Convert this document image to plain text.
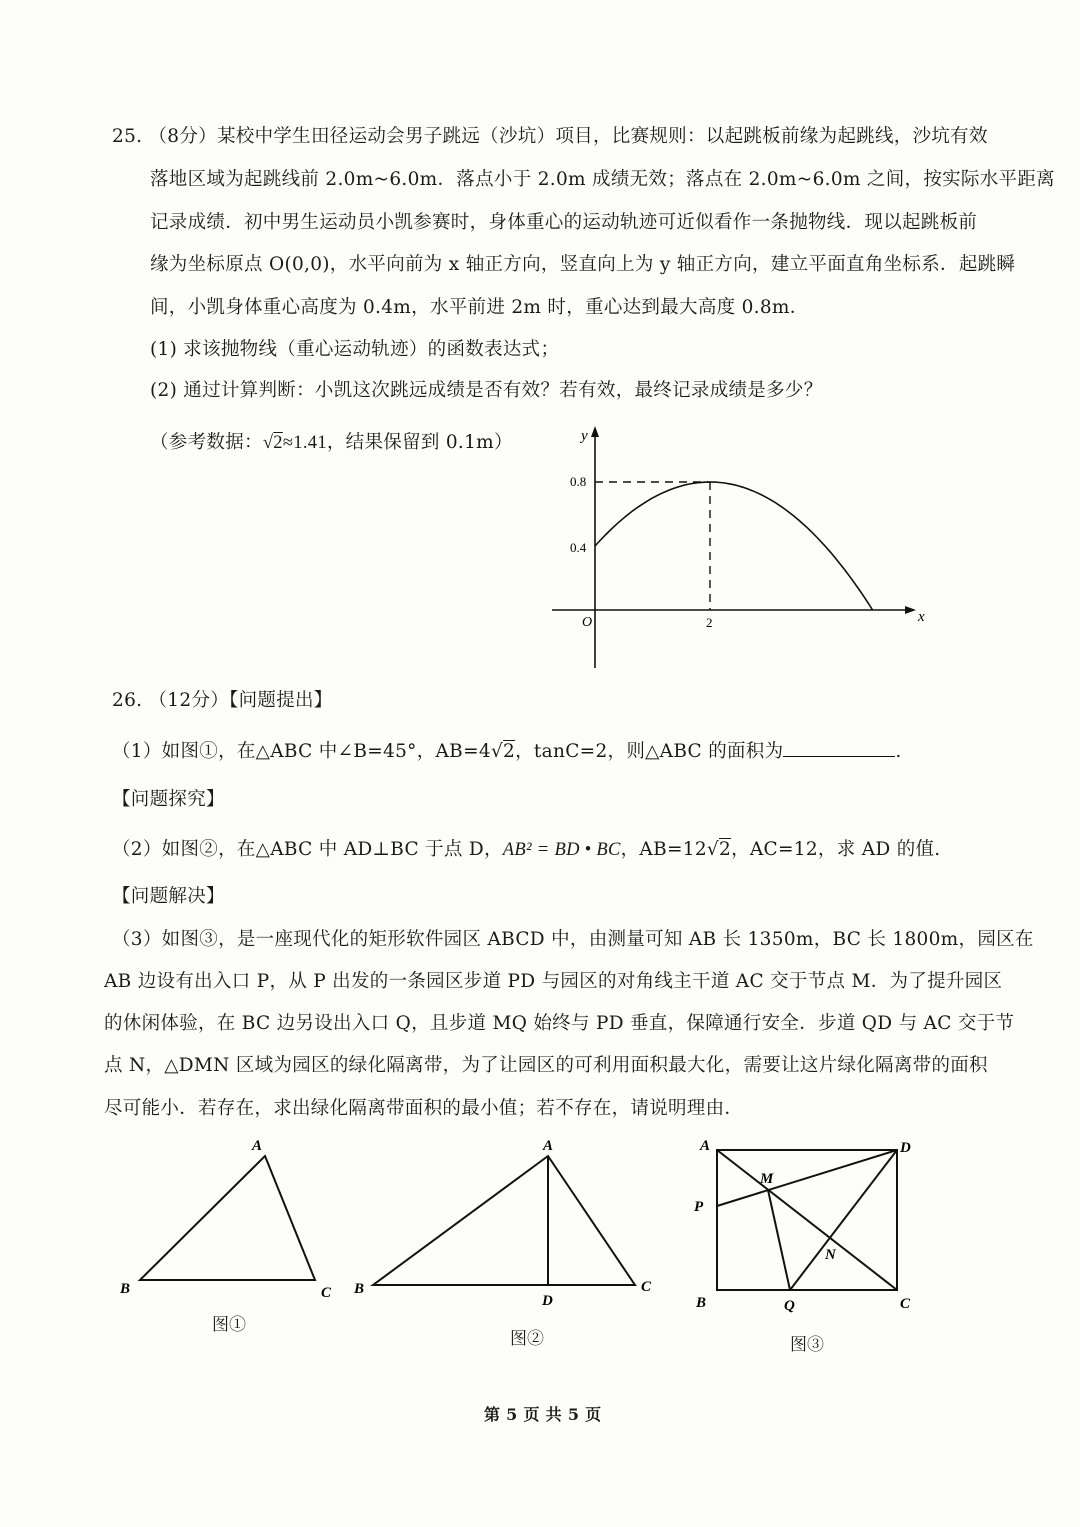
25. （8分）某校中学生田径运动会男子跳远（沙坑）项目，比赛规则：以起跳板前缘为起跳线，沙坑有效
落地区域为起跳线前 2.0m~6.0m．落点小于 2.0m 成绩无效；落点在 2.0m~6.0m 之间，按实际水平距离
记录成绩．初中男生运动员小凯参赛时，身体重心的运动轨迹可近似看作一条抛物线．现以起跳板前
缘为坐标原点 O(0,0)，水平向前为 x 轴正方向，竖直向上为 y 轴正方向，建立平面直角坐标系．起跳瞬
间，小凯身体重心高度为 0.4m，水平前进 2m 时，重心达到最大高度 0.8m．
(1) 求该抛物线（重心运动轨迹）的函数表达式；
(2) 通过计算判断：小凯这次跳远成绩是否有效？若有效，最终记录成绩是多少？
（参考数据：√2≈1.41，结果保留到 0.1m）	y
x
O
0.8
0.4
2
26. （12分）【问题提出】
（1）如图①，在△ABC 中∠B=45°，AB=4√2，tanC=2，则△ABC 的面积为	.
【问题探究】
（2）如图②，在△ABC 中 AD⊥BC 于点 D，AB² = BD • BC，AB=12√2，AC=12，求 AD 的值.
【问题解决】
（3）如图③，是一座现代化的矩形软件园区 ABCD 中，由测量可知 AB 长 1350m，BC 长 1800m，园区在
AB 边设有出入口 P，从 P 出发的一条园区步道 PD 与园区的对角线主干道 AC 交于节点 M．为了提升园区
的休闲体验，在 BC 边另设出入口 Q，且步道 MQ 始终与 PD 垂直，保障通行安全．步道 QD 与 AC 交于节
点 N，△DMN 区域为园区的绿化隔离带，为了让园区的可利用面积最大化，需要让这片绿化隔离带的面积
尽可能小．若存在，求出绿化隔离带面积的最小值；若不存在，请说明理由．
A
B	C
图①
A
B	C
D
图②
A	D
M
P
N
B	Q	C
图③
第 5 页 共 5 页
